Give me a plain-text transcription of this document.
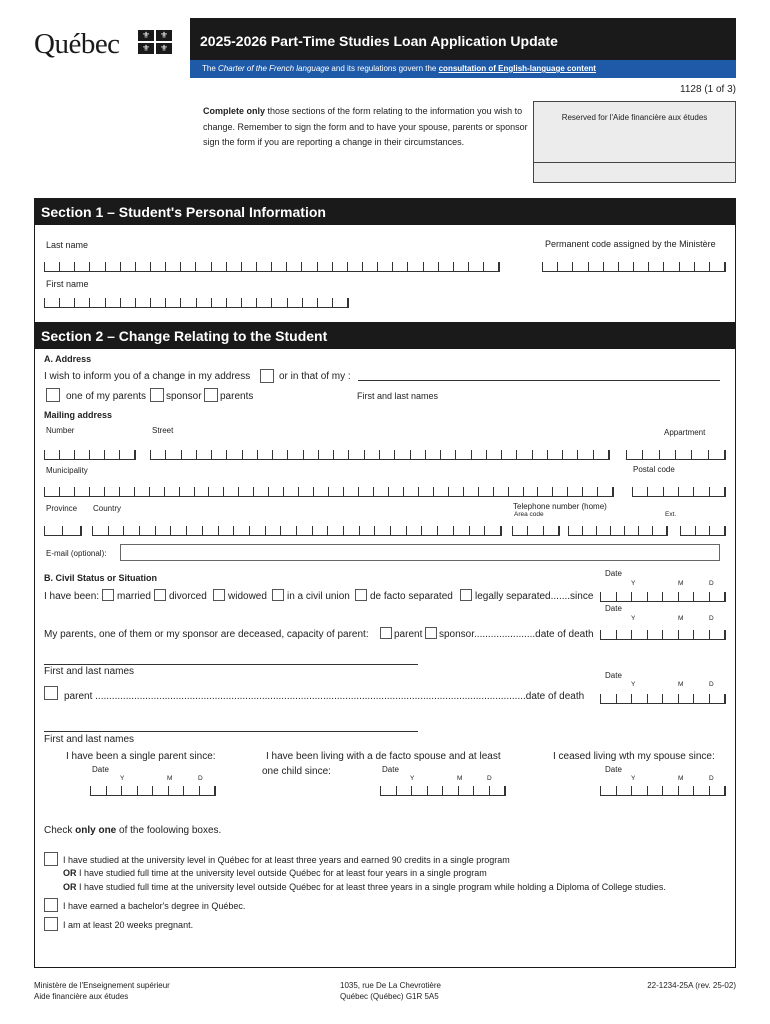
Québec	⚜	⚜
⚜	⚜	2025-2026 Part-Time Studies Loan Application Update
The Charter of the French language and its regulations govern the consultation of English-language content
1128 (1 of 3)
Complete only those sections of the form relating to the information you wish to change. Remember to sign the form and to have your spouse, parents or sponsor sign the form if you are reporting a change in their circumstances.
Reserved for l'Aide financière aux études
Section 1 – Student's Personal Information
Last name	Permanent code assigned by the Ministère
First name
Section 2 – Change Relating to the Student
A. Address
I wish to inform you of a change in my address	or in that of my :
one of my parents sponsor parents	First and last names
Mailing address
Number	Street	Appartment
Municipality	Postal code
Province Country	Telephone number (home)
Area code	Ext.
E-mail (optional):
B. Civil Status or Situation	Date
Y	M	D
I have been: married divorced widowed in a civil union de facto separated legally separated.......since
Date
Y	M	D
My parents, one of them or my sponsor are deceased, capacity of parent:	parent sponsor......................date of death
First and last names	Date
Y	M	D
parent ...........................................................................................................................................................date of death
First and last names
I have been a single parent since:	I have been living with a de facto spouse and at least
one child since:
I ceased living wth my spouse since:
Date
Y	M	D
Date
Y	M	D
Date
Y	M	D
Check only one of the foolowing boxes.
I have studied at the university level in Québec for at least three years and earned 90 credits in a single program
OR I have studied full time at the university level outside Québec for at least four years in a single program
OR I have studied full time at the university level outside Québec for at least three years in a single program while holding a Diploma of College studies.
I have earned a bachelor's degree in Québec.
I am at least 20 weeks pregnant.
Ministère de l'Enseignement supérieur
Aide financière aux études
1035, rue De La Chevrotière
Québec (Québec) G1R 5A5
22-1234-25A (rev. 25-02)
